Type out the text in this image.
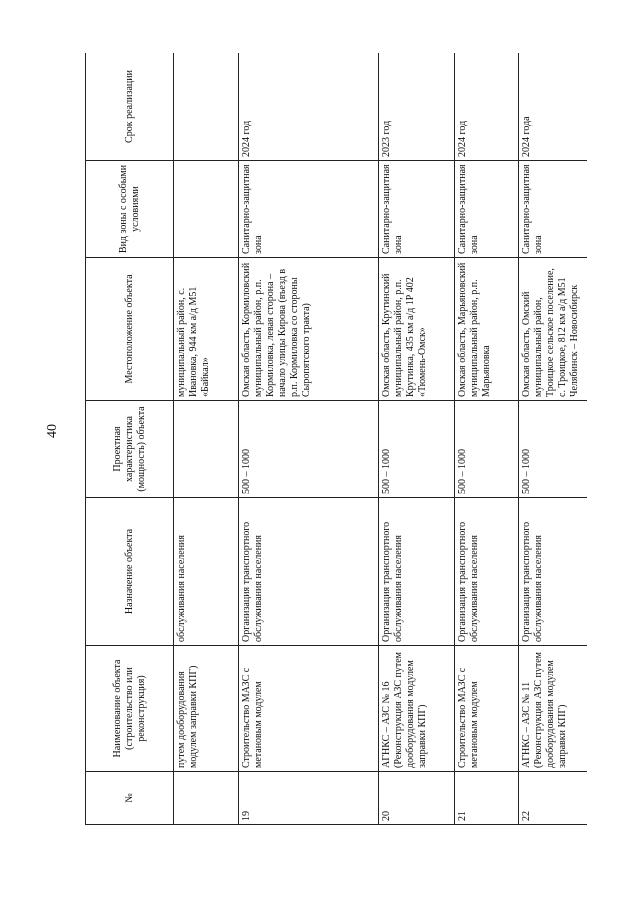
40
№	Наименование объекта (строительство или реконструкция)	Назначение объекта	Проектная характеристика (мощность) объекта	Местоположение объекта	Вид зоны с особыми условиями	Срок реализации
	путем дооборудования модулем заправки КПГ)	обслуживания населения		муниципальный район, с. Ивановка, 944 км а/д М51 «Байкал»		
19	Строительство МАЗС с метановым модулем	Организация транспортного обслуживания населения	500 – 1000	Омская область, Кормиловский муниципальный район, р.п. Кормиловка, левая сторона – начало улицы Кирова (въезд в р.п. Кормиловка со стороны Сыропятского тракта)	Санитарно-защитная зона	2024 год
20	АГНКС – АЗС № 16 (Реконструкция АЗС путем дооборудования модулем заправки КПГ)	Организация транспортного обслуживания населения	500 – 1000	Омская область, Крутинский муниципальный район, р.п. Крутинка, 435 км а/д 1Р 402 «Тюмень-Омск»	Санитарно-защитная зона	2023 год
21	Строительство МАЗС с метановым модулем	Организация транспортного обслуживания населения	500 – 1000	Омская область, Марьяновский муниципальный район, р.п. Марьяновка	Санитарно-защитная зона	2024 год
22	АГНКС – АЗС № 11 (Реконструкция АЗС путем дооборудования модулем заправки КПГ)	Организация транспортного обслуживания населения	500 – 1000	Омская область, Омский муниципальный район, Троицкое сельское поселение, с. Троицкое, 812 км а/д М51 Челябинск – Новосибирск	Санитарно-защитная зона	2024 года
